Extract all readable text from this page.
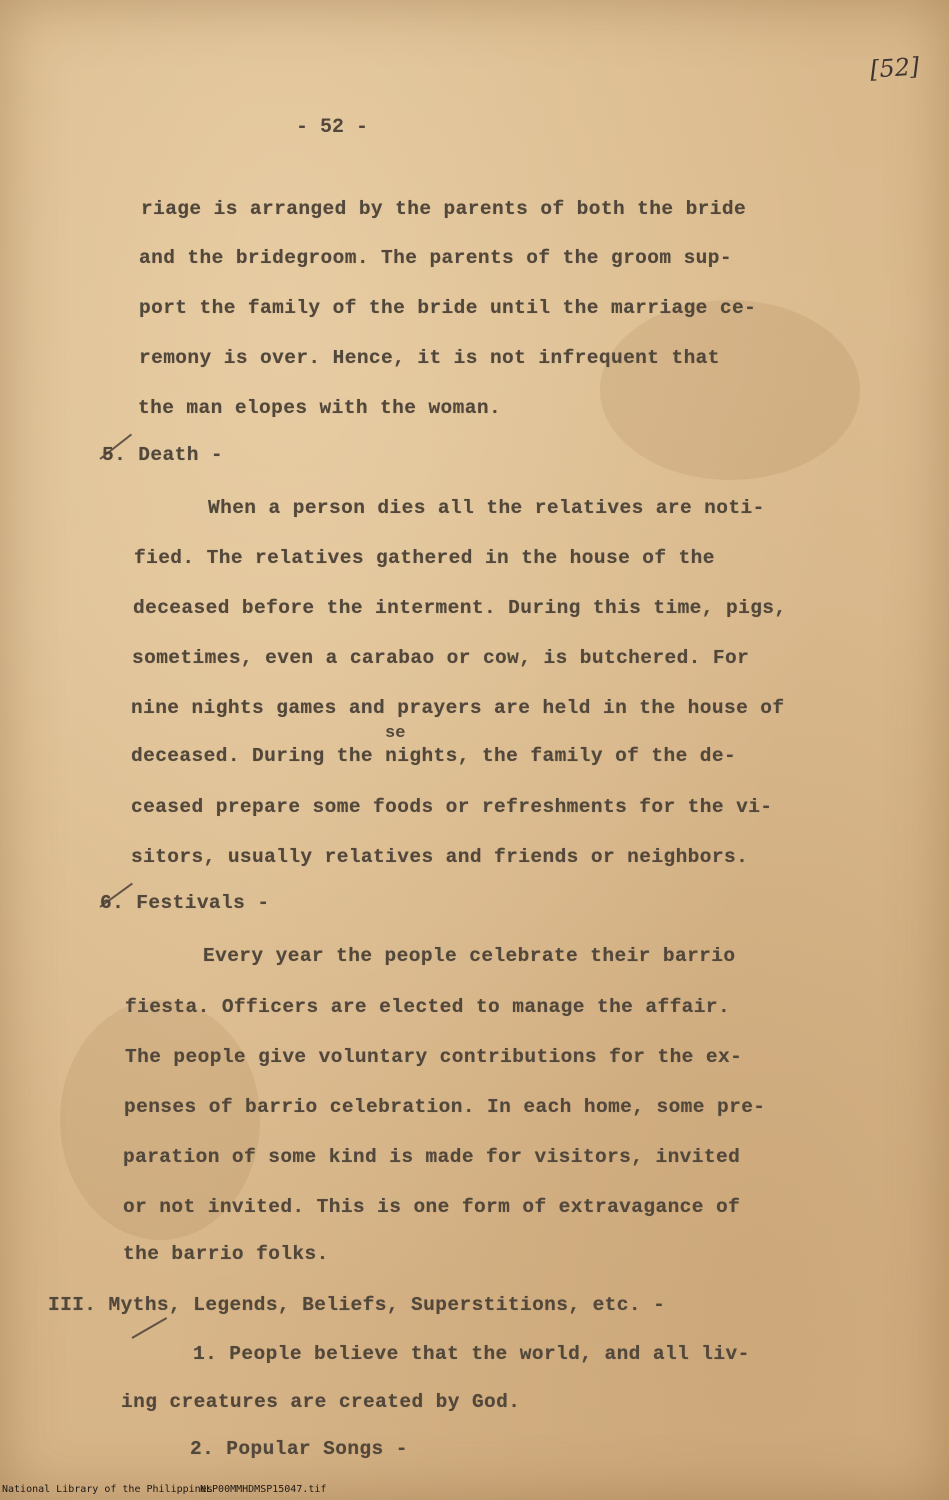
[52]
- 52 -
riage is arranged by the parents of both the bride
and the bridegroom. The parents of the groom sup-
port the family of the bride until the marriage ce-
remony is over. Hence, it is not infrequent that
the man elopes with the woman.
5. Death -
When a person dies all the relatives are noti-
fied. The relatives gathered in the house of the
deceased before the interment. During this time, pigs,
sometimes, even a carabao or cow, is butchered. For
nine nights games and prayers are held in the house of
se
deceased. During the nights, the family of the de-
ceased prepare some foods or refreshments for the vi-
sitors, usually relatives and friends or neighbors.
6. Festivals -
Every year the people celebrate their barrio
fiesta. Officers are elected to manage the affair.
The people give voluntary contributions for the ex-
penses of barrio celebration. In each home, some pre-
paration of some kind is made for visitors, invited
or not invited. This is one form of extravagance of
the barrio folks.
III. Myths, Legends, Beliefs, Superstitions, etc. -
1. People believe that the world, and all liv-
ing creatures are created by God.
2. Popular Songs -
National Library of the Philippines
NLP00MMHDMSP15047.tif
